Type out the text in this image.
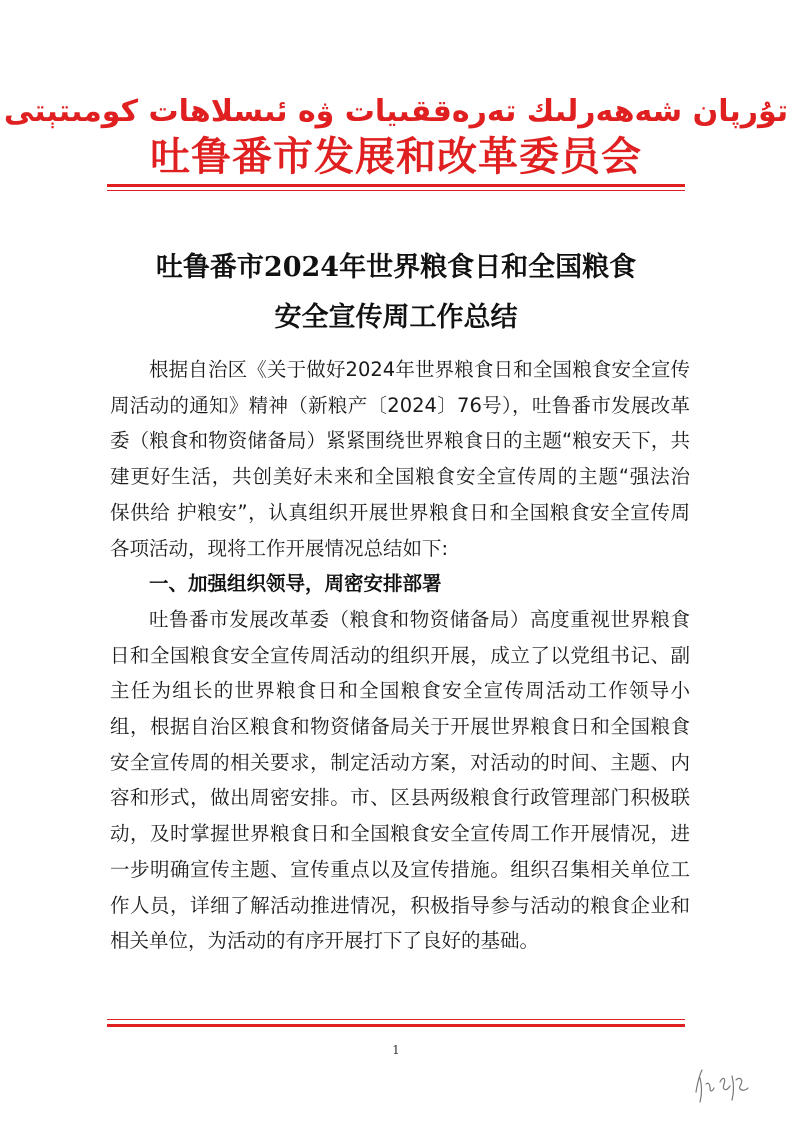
تۇرپان شەھەرلىك تەرەققىيات ۋە ئىسلاھات كومىتېتى
吐鲁番市发展和改革委员会
吐鲁番市2024年世界粮食日和全国粮食
安全宣传周工作总结

根据自治区《关于做好2024年世界粮食日和全国粮食安全宣传周活动的通知》精神（新粮产〔2024〕76号），吐鲁番市发展改革委（粮食和物资储备局）紧紧围绕世界粮食日的主题“粮安天下，共建更好生活，共创美好未来和全国粮食安全宣传周的主题“强法治 保供给 护粮安”，认真组织开展世界粮食日和全国粮食安全宣传周各项活动，现将工作开展情况总结如下:

一、加强组织领导，周密安排部署

吐鲁番市发展改革委（粮食和物资储备局）高度重视世界粮食日和全国粮食安全宣传周活动的组织开展，成立了以党组书记、副主任为组长的世界粮食日和全国粮食安全宣传周活动工作领导小组，根据自治区粮食和物资储备局关于开展世界粮食日和全国粮食安全宣传周的相关要求，制定活动方案，对活动的时间、主题、内容和形式，做出周密安排。市、区县两级粮食行政管理部门积极联动，及时掌握世界粮食日和全国粮食安全宣传周工作开展情况，进一步明确宣传主题、宣传重点以及宣传措施。组织召集相关单位工作人员，详细了解活动推进情况，积极指导参与活动的粮食企业和相关单位，为活动的有序开展打下了良好的基础。

1
